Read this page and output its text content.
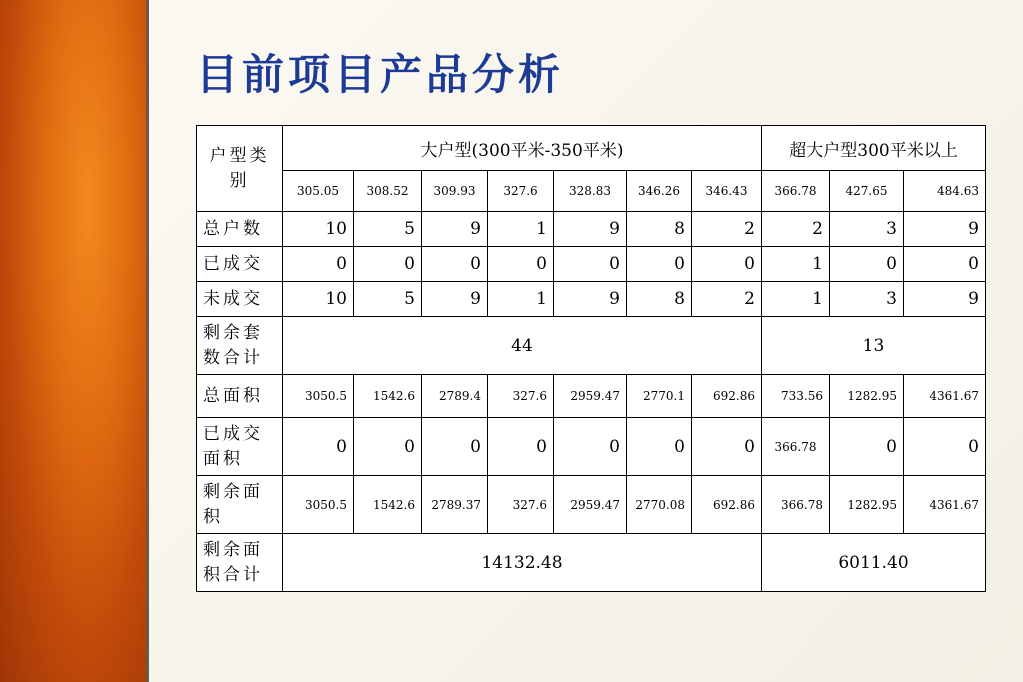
目前项目产品分析
户型类别	大户型(300平米-350平米)							超大户型300平米以上		
	305.05	308.52	309.93	327.6	328.83	346.26	346.43	366.78	427.65	484.63
总户数	10	5	9	1	9	8	2	2	3	9
已成交	0	0	0	0	0	0	0	1	0	0
未成交	10	5	9	1	9	8	2	1	3	9
剩余套数合计	44							13		
总面积	3050.5	1542.6	2789.4	327.6	2959.47	2770.1	692.86	733.56	1282.95	4361.67
已成交面积	0	0	0	0	0	0	0	366.78	0	0
剩余面积	3050.5	1542.6	2789.37	327.6	2959.47	2770.08	692.86	366.78	1282.95	4361.67
剩余面积合计	14132.48							6011.40		
